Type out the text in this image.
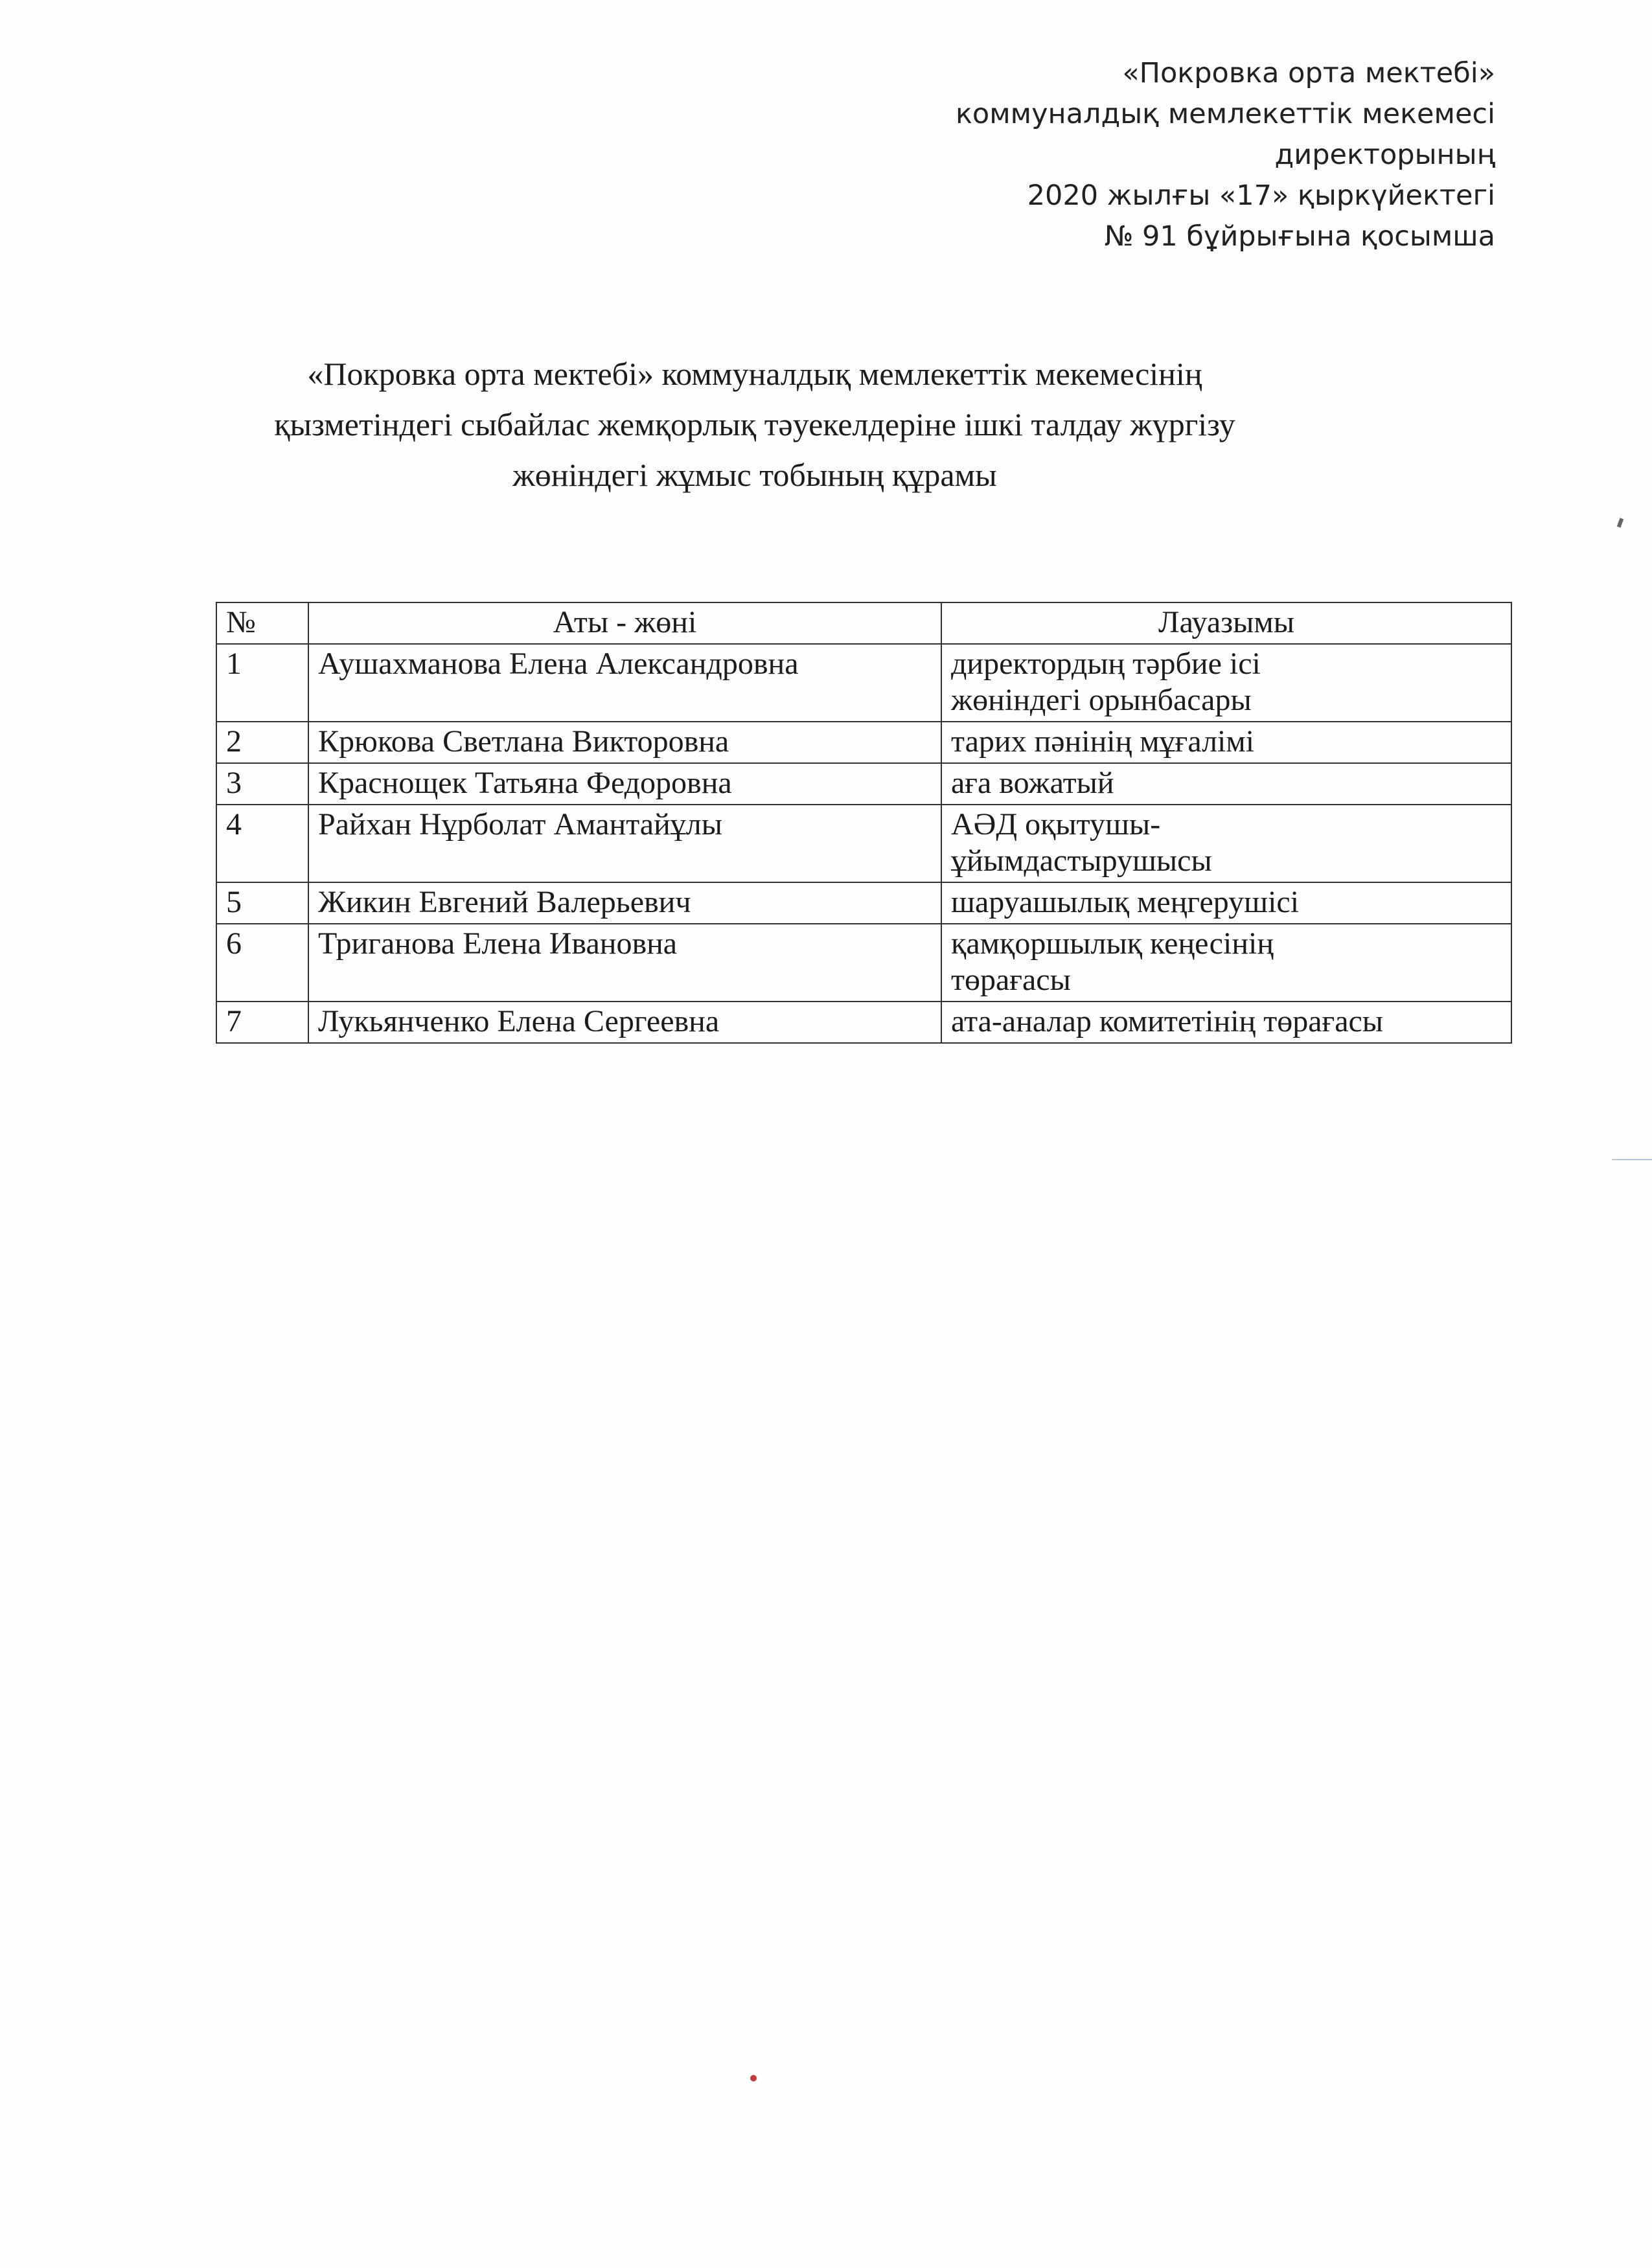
«Покровка орта мектебі»
коммуналдық мемлекеттік мекемесі
директорының
2020 жылғы «17» қыркүйектегі
№ 91 бұйрығына қосымша
«Покровка орта мектебі» коммуналдық мемлекеттік мекемесінің
қызметіндегі сыбайлас жемқорлық тәуекелдеріне ішкі талдау жүргізу
жөніндегі жұмыс тобының құрамы
№	Аты - жөні	Лауазымы
1	Аушахманова Елена Александровна	директордың тәрбие ісі
жөніндегі орынбасары

2	Крюкова Светлана Викторовна	тарих пәнінің мұғалімі

3	Краснощек Татьяна Федоровна	аға вожатый

4	Райхан Нұрболат Амантайұлы	АӘД оқытушы-
ұйымдастырушысы

5	Жикин Евгений Валерьевич	шаруашылық меңгерушісі

6	Триганова Елена Ивановна	қамқоршылық кеңесінің
төрағасы

7	Лукьянченко Елена Сергеевна	ата-аналар комитетінің төрағасы
